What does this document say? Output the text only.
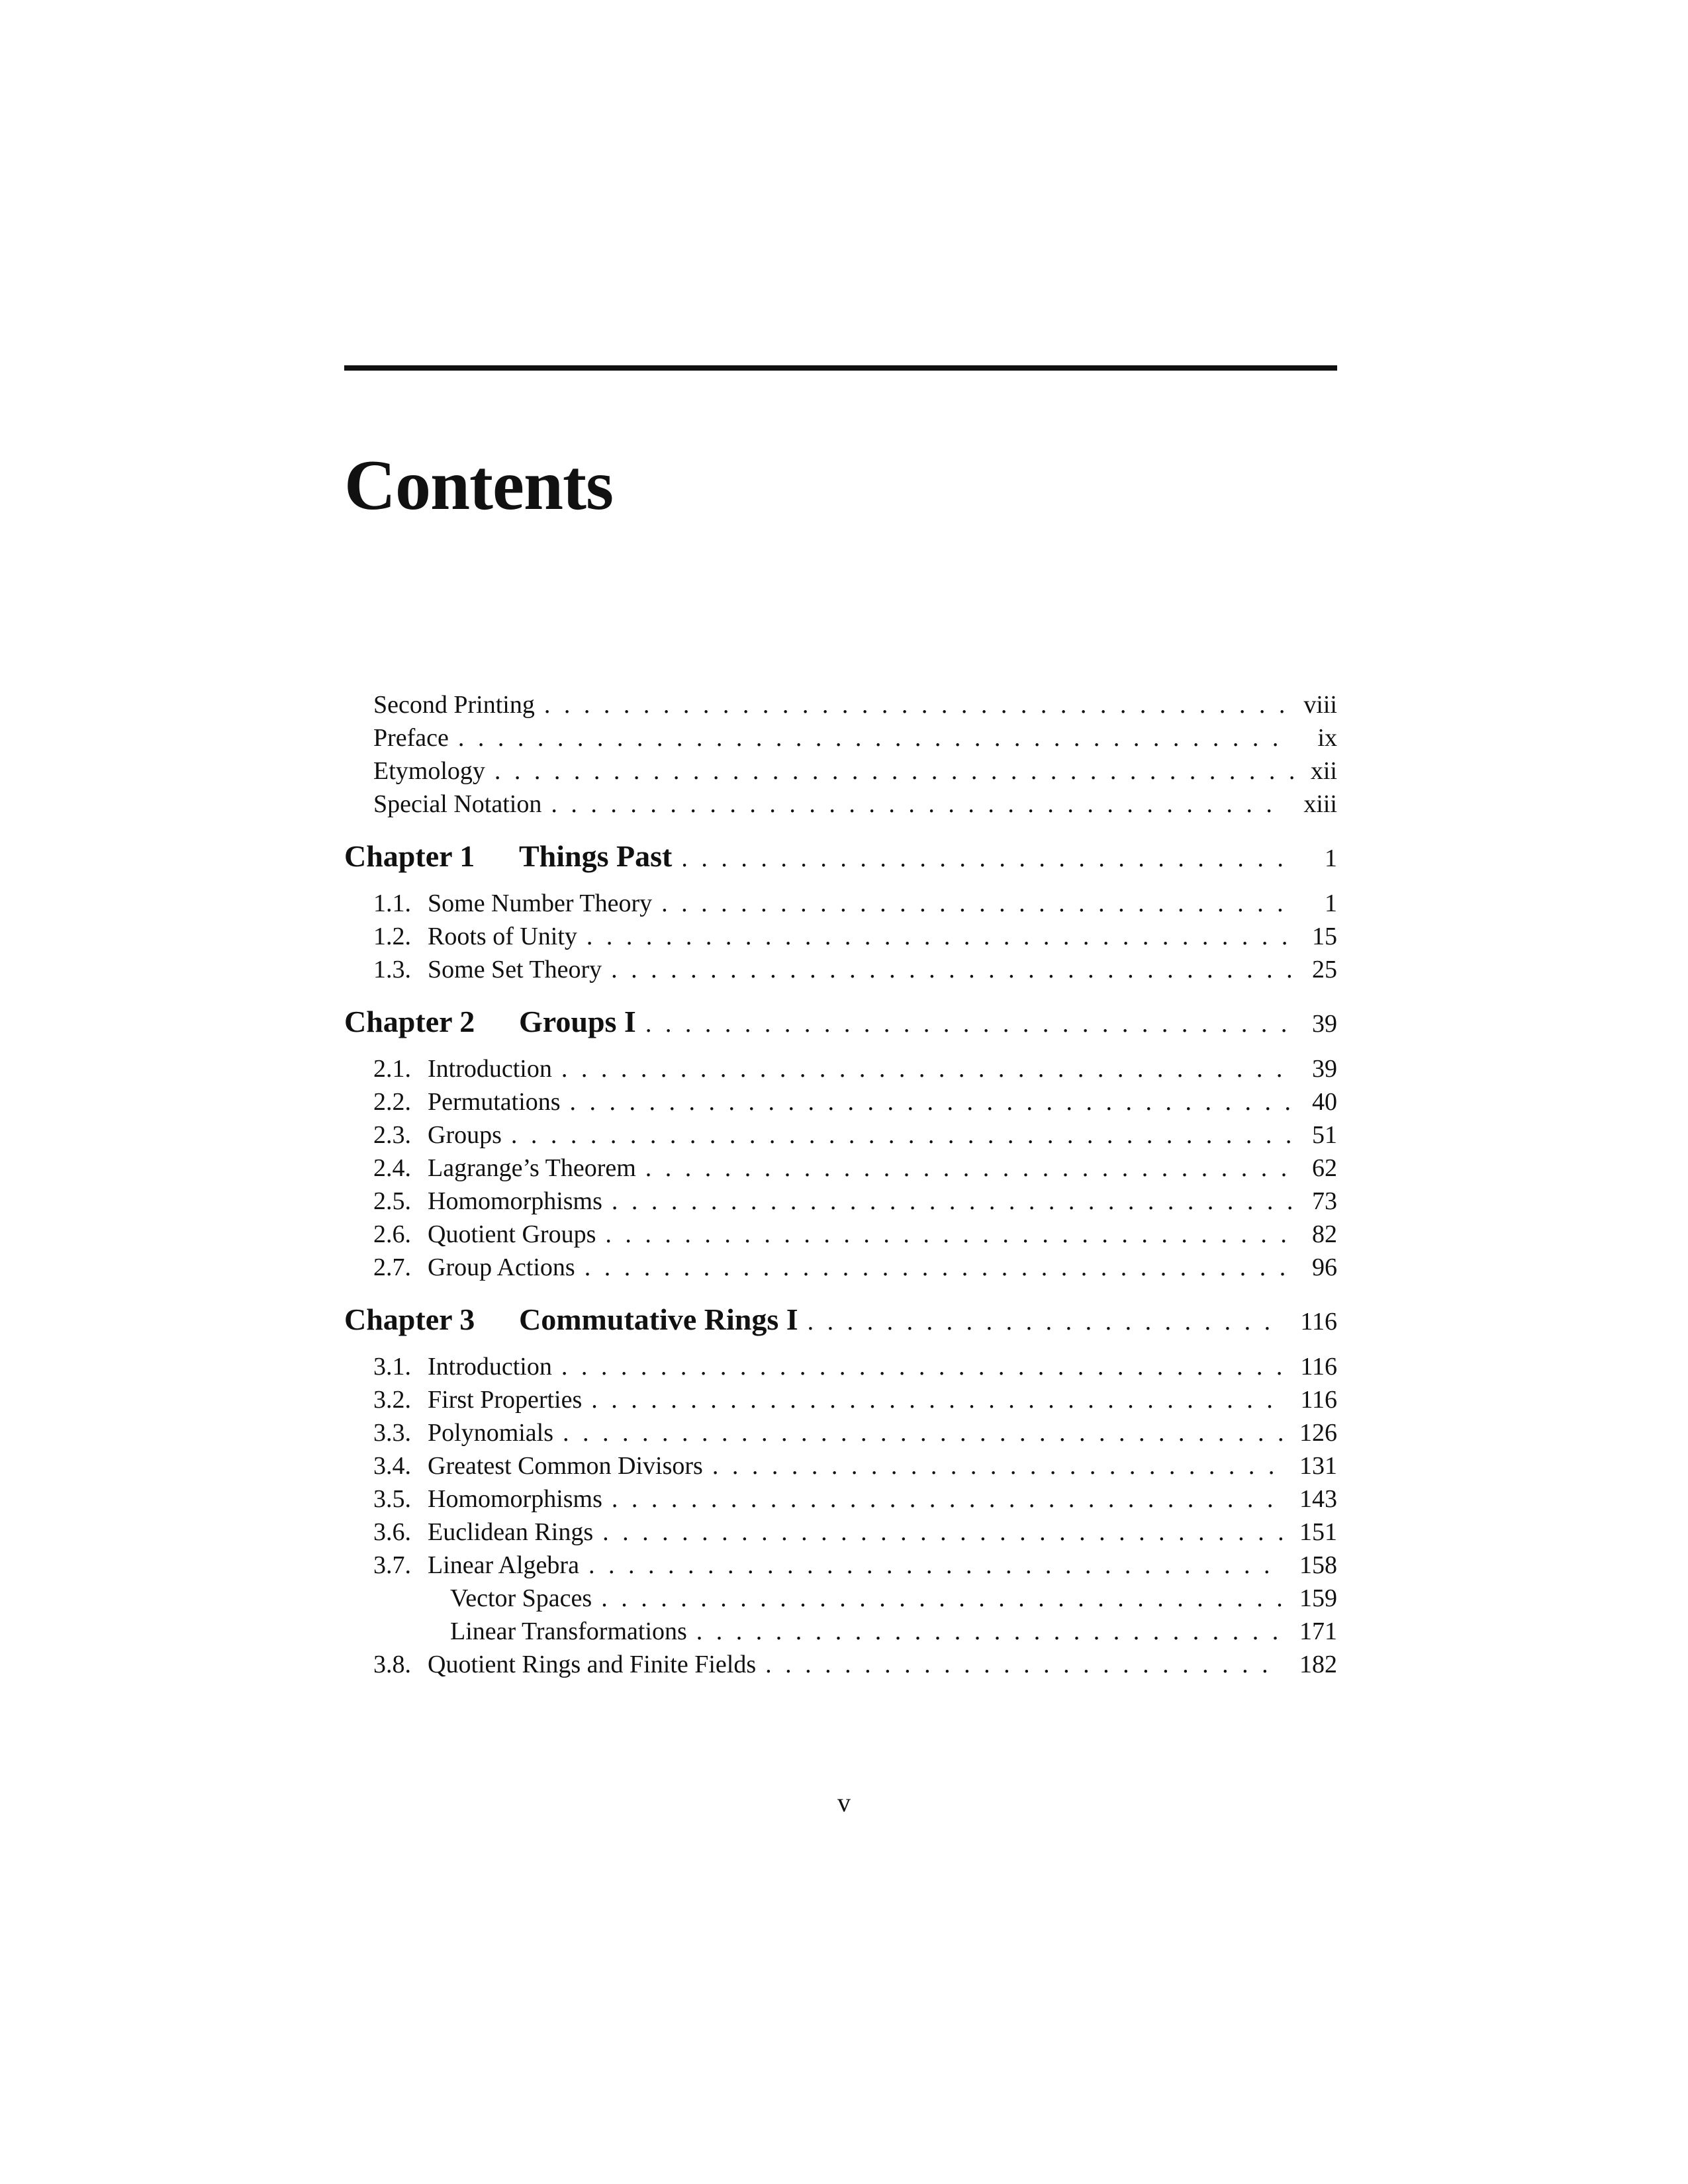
Contents
Second Printing . . .	viii
Preface . . .	ix
Etymology . . .	xii
Special Notation . . .	xiii
Chapter 1	Things Past . . .	1
1.1. Some Number Theory . . .	1
1.2. Roots of Unity . . .	15
1.3. Some Set Theory . . .	25
Chapter 2	Groups I . . .	39
2.1. Introduction . . .	39
2.2. Permutations . . .	40
2.3. Groups . . .	51
2.4. Lagrange’s Theorem . . .	62
2.5. Homomorphisms . . .	73
2.6. Quotient Groups . . .	82
2.7. Group Actions . . .	96
Chapter 3	Commutative Rings I . . .	116
3.1. Introduction . . .	116
3.2. First Properties . . .	116
3.3. Polynomials . . .	126
3.4. Greatest Common Divisors . . .	131
3.5. Homomorphisms . . .	143
3.6. Euclidean Rings . . .	151
3.7. Linear Algebra . . .	158
Vector Spaces . . .	159
Linear Transformations . . .	171
3.8. Quotient Rings and Finite Fields . . .	182
v
